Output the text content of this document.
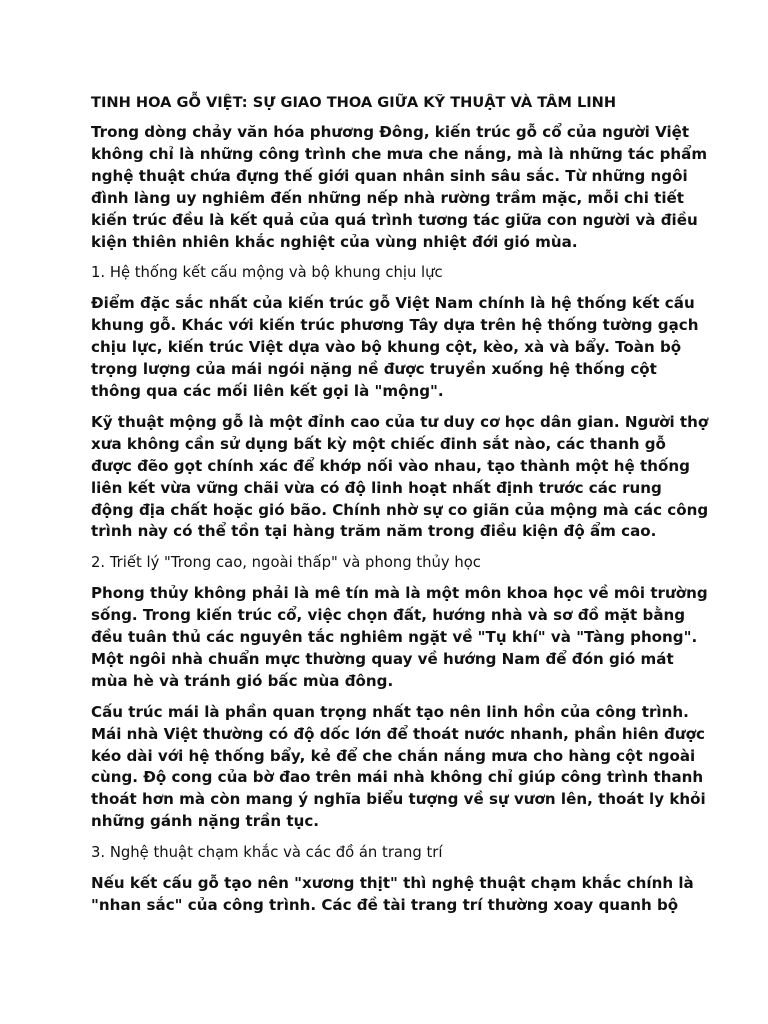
TINH HOA GỖ VIỆT: SỰ GIAO THOA GIỮA KỸ THUẬT VÀ TÂM LINH

Trong dòng chảy văn hóa phương Đông, kiến trúc gỗ cổ của người Việt không chỉ là những công trình che mưa che nắng, mà là những tác phẩm nghệ thuật chứa đựng thế giới quan nhân sinh sâu sắc. Từ những ngôi đình làng uy nghiêm đến những nếp nhà rường trầm mặc, mỗi chi tiết kiến trúc đều là kết quả của quá trình tương tác giữa con người và điều kiện thiên nhiên khắc nghiệt của vùng nhiệt đới gió mùa.

1. Hệ thống kết cấu mộng và bộ khung chịu lực

Điểm đặc sắc nhất của kiến trúc gỗ Việt Nam chính là hệ thống kết cấu khung gỗ. Khác với kiến trúc phương Tây dựa trên hệ thống tường gạch chịu lực, kiến trúc Việt dựa vào bộ khung cột, kèo, xà và bẩy. Toàn bộ trọng lượng của mái ngói nặng nề được truyền xuống hệ thống cột thông qua các mối liên kết gọi là "mộng".

Kỹ thuật mộng gỗ là một đỉnh cao của tư duy cơ học dân gian. Người thợ xưa không cần sử dụng bất kỳ một chiếc đinh sắt nào, các thanh gỗ được đẽo gọt chính xác để khớp nối vào nhau, tạo thành một hệ thống liên kết vừa vững chãi vừa có độ linh hoạt nhất định trước các rung động địa chất hoặc gió bão. Chính nhờ sự co giãn của mộng mà các công trình này có thể tồn tại hàng trăm năm trong điều kiện độ ẩm cao.

2. Triết lý "Trong cao, ngoài thấp" và phong thủy học

Phong thủy không phải là mê tín mà là một môn khoa học về môi trường sống. Trong kiến trúc cổ, việc chọn đất, hướng nhà và sơ đồ mặt bằng đều tuân thủ các nguyên tắc nghiêm ngặt về "Tụ khí" và "Tàng phong". Một ngôi nhà chuẩn mực thường quay về hướng Nam để đón gió mát mùa hè và tránh gió bấc mùa đông.

Cấu trúc mái là phần quan trọng nhất tạo nên linh hồn của công trình. Mái nhà Việt thường có độ dốc lớn để thoát nước nhanh, phần hiên được kéo dài với hệ thống bẩy, kẻ để che chắn nắng mưa cho hàng cột ngoài cùng. Độ cong của bờ đao trên mái nhà không chỉ giúp công trình thanh thoát hơn mà còn mang ý nghĩa biểu tượng về sự vươn lên, thoát ly khỏi những gánh nặng trần tục.

3. Nghệ thuật chạm khắc và các đồ án trang trí

Nếu kết cấu gỗ tạo nên "xương thịt" thì nghệ thuật chạm khắc chính là "nhan sắc" của công trình. Các đề tài trang trí thường xoay quanh bộ
